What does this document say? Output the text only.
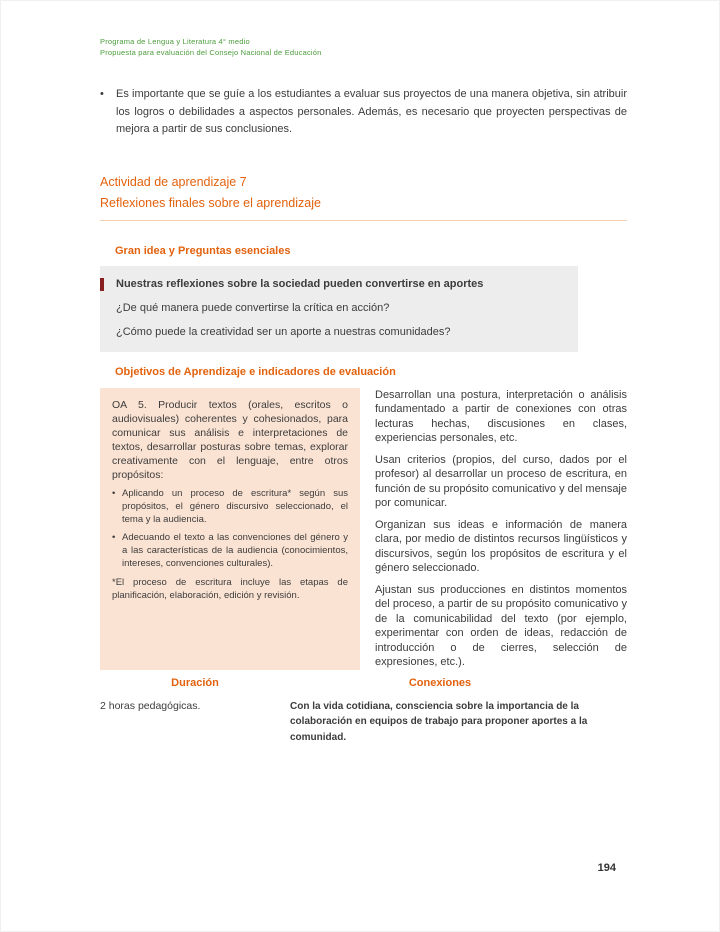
Programa de Lengua y Literatura 4° medio
Propuesta para evaluación del Consejo Nacional de Educación
•

Es importante que se guíe a los estudiantes a evaluar sus proyectos de una manera objetiva, sin atribuir los logros o debilidades a aspectos personales. Además, es necesario que proyecten perspectivas de mejora a partir de sus conclusiones.

Actividad de aprendizaje 7
Reflexiones finales sobre el aprendizaje
Gran idea y Preguntas esenciales

Nuestras reflexiones sobre la sociedad pueden convertirse en aportes

¿De qué manera puede convertirse la crítica en acción?

¿Cómo puede la creatividad ser un aporte a nuestras comunidades?

Objetivos de Aprendizaje e indicadores de evaluación

OA 5. Producir textos (orales, escritos o audiovisuales) coherentes y cohesionados, para comunicar sus análisis e interpretaciones de textos, desarrollar posturas sobre temas, explorar creativamente con el lenguaje, entre otros propósitos:

•

Aplicando un proceso de escritura* según sus propósitos, el género discursivo seleccionado, el tema y la audiencia.

•

Adecuando el texto a las convenciones del género y a las características de la audiencia (conocimientos, intereses, convenciones culturales).

*El proceso de escritura incluye las etapas de planificación, elaboración, edición y revisión.

Desarrollan una postura, interpretación o análisis fundamentado a partir de conexiones con otras lecturas hechas, discusiones en clases, experiencias personales, etc.

Usan criterios (propios, del curso, dados por el profesor) al desarrollar un proceso de escritura, en función de su propósito comunicativo y del mensaje por comunicar.

Organizan sus ideas e información de manera clara, por medio de distintos recursos lingüísticos y discursivos, según los propósitos de escritura y el género seleccionado.

Ajustan sus producciones en distintos momentos del proceso, a partir de su propósito comunicativo y de la comunicabilidad del texto (por ejemplo, experimentar con orden de ideas, redacción de introducción o de cierres, selección de expresiones, etc.).

Duración	Conexiones

2 horas pedagógicas.	Con la vida cotidiana, consciencia sobre la importancia de la colaboración en equipos de trabajo para proponer aportes a la comunidad.

194
